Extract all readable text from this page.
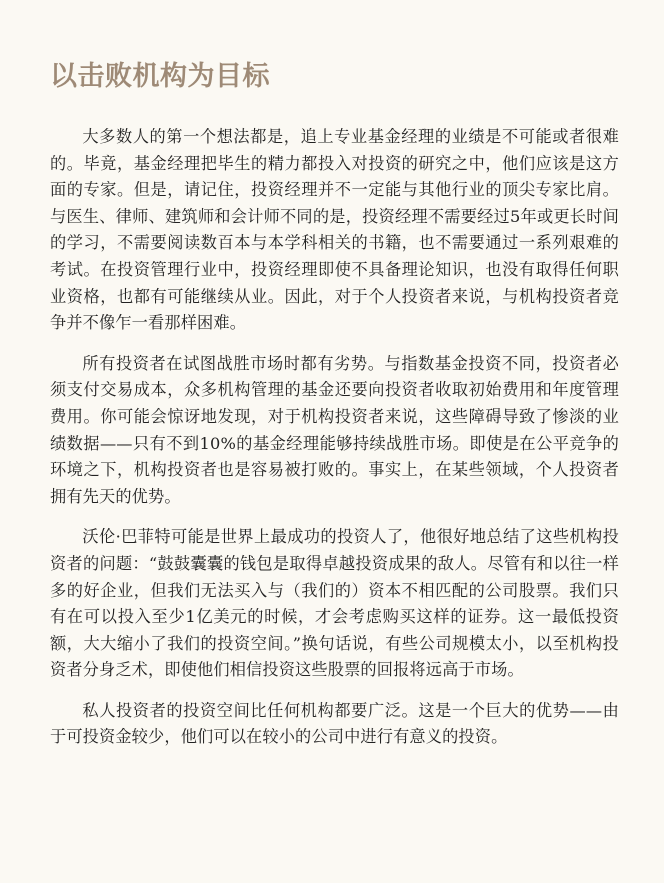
以击败机构为目标

大多数人的第一个想法都是，追上专业基金经理的业绩是不可能或者很难的。毕竟，基金经理把毕生的精力都投入对投资的研究之中，他们应该是这方面的专家。但是，请记住，投资经理并不一定能与其他行业的顶尖专家比肩。与医生、律师、建筑师和会计师不同的是，投资经理不需要经过5年或更长时间的学习，不需要阅读数百本与本学科相关的书籍，也不需要通过一系列艰难的考试。在投资管理行业中，投资经理即使不具备理论知识，也没有取得任何职业资格，也都有可能继续从业。因此，对于个人投资者来说，与机构投资者竞争并不像乍一看那样困难。

所有投资者在试图战胜市场时都有劣势。与指数基金投资不同，投资者必须支付交易成本，众多机构管理的基金还要向投资者收取初始费用和年度管理费用。你可能会惊讶地发现，对于机构投资者来说，这些障碍导致了惨淡的业绩数据——只有不到10%的基金经理能够持续战胜市场。即使是在公平竞争的环境之下，机构投资者也是容易被打败的。事实上，在某些领域，个人投资者拥有先天的优势。

沃伦·巴菲特可能是世界上最成功的投资人了，他很好地总结了这些机构投资者的问题：“鼓鼓囊囊的钱包是取得卓越投资成果的敌人。尽管有和以往一样多的好企业，但我们无法买入与（我们的）资本不相匹配的公司股票。我们只有在可以投入至少1亿美元的时候，才会考虑购买这样的证券。这一最低投资额，大大缩小了我们的投资空间。”换句话说，有些公司规模太小，以至机构投资者分身乏术，即使他们相信投资这些股票的回报将远高于市场。

私人投资者的投资空间比任何机构都要广泛。这是一个巨大的优势——由于可投资金较少，他们可以在较小的公司中进行有意义的投资。
